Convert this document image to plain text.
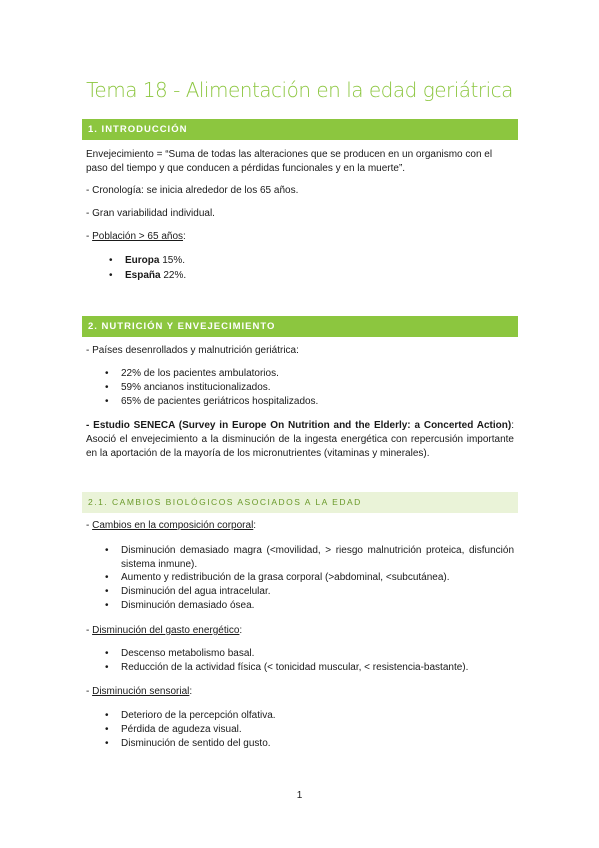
Tema 18 - Alimentación en la edad geriátrica
1. INTRODUCCIÓN
Envejecimiento = “Suma de todas las alteraciones que se producen en un organismo con el paso del tiempo y que conducen a pérdidas funcionales y en la muerte”.
- Cronología: se inicia alrededor de los 65 años.
- Gran variabilidad individual.
- Población > 65 años:
• Europa 15%.
• España 22%.
2. NUTRICIÓN Y ENVEJECIMIENTO
- Países desenrollados y malnutrición geriátrica:
• 22% de los pacientes ambulatorios.
• 59% ancianos institucionalizados.
• 65% de pacientes geriátricos hospitalizados.
- Estudio SENECA (Survey in Europe On Nutrition and the Elderly: a Concerted Action): Asoció el envejecimiento a la disminución de la ingesta energética con repercusión importante en la aportación de la mayoría de los micronutrientes (vitaminas y minerales).
2.1. CAMBIOS BIOLÓGICOS ASOCIADOS A LA EDAD
- Cambios en la composición corporal:
• Disminución demasiado magra (<movilidad, > riesgo malnutrición proteica, disfunción sistema inmune).
• Aumento y redistribución de la grasa corporal (>abdominal, <subcutánea).
• Disminución del agua intracelular.
• Disminución demasiado ósea.
- Disminución del gasto energético:
• Descenso metabolismo basal.
• Reducción de la actividad física (< tonicidad muscular, < resistencia-bastante).
- Disminución sensorial:
• Deterioro de la percepción olfativa.
• Pérdida de agudeza visual.
• Disminución de sentido del gusto.
1
